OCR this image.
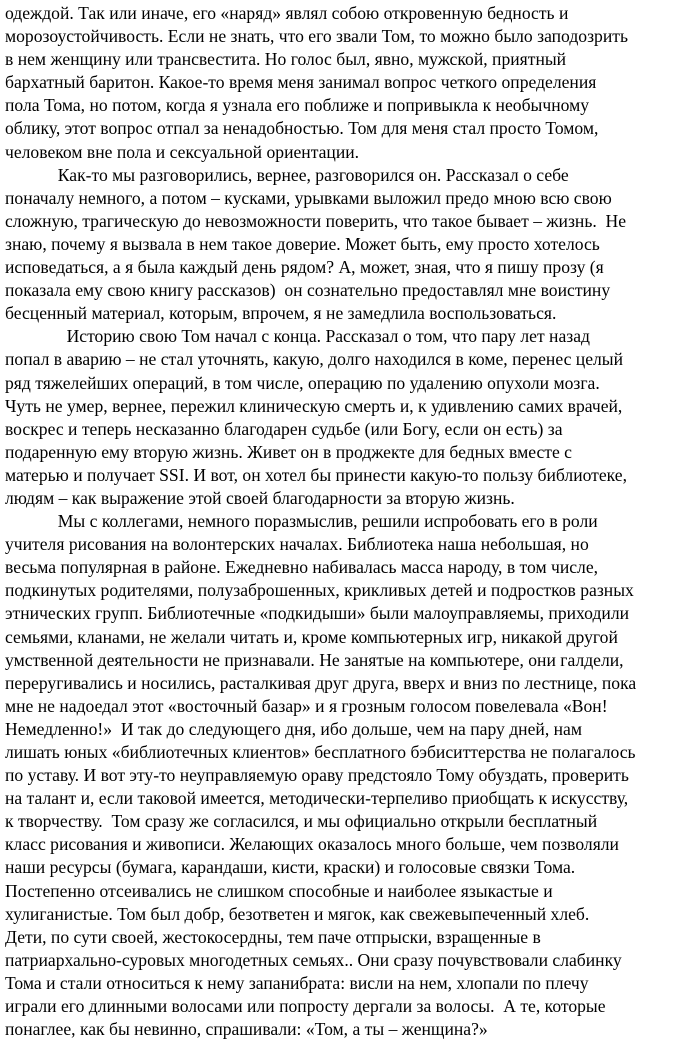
одеждой. Так или иначе, его «наряд» являл собою откровенную бедность и
морозоустойчивость. Если не знать, что его звали Том, то можно было заподозрить
в нем женщину или трансвестита. Но голос был, явно, мужской, приятный
бархатный баритон. Какое-то время меня занимал вопрос четкого определения
пола Тома, но потом, когда я узнала его поближе и попривыкла к необычному
облику, этот вопрос отпал за ненадобностью. Том для меня стал просто Томом,
человеком вне пола и сексуальной ориентации.
Как-то мы разговорились, вернее, разговорился он. Рассказал о себе
поначалу немного, а потом – кусками, урывками выложил предо мною всю свою
сложную, трагическую до невозможности поверить, что такое бывает – жизнь.  Не
знаю, почему я вызвала в нем такое доверие. Может быть, ему просто хотелось
исповедаться, а я была каждый день рядом? А, может, зная, что я пишу прозу (я
показала ему свою книгу рассказов)  он сознательно предоставлял мне воистину
бесценный материал, которым, впрочем, я не замедлила воспользоваться.
Историю свою Том начал с конца. Рассказал о том, что пару лет назад
попал в аварию – не стал уточнять, какую, долго находился в коме, перенес целый
ряд тяжелейших операций, в том числе, операцию по удалению опухоли мозга.
Чуть не умер, вернее, пережил клиническую смерть и, к удивлению самих врачей,
воскрес и теперь несказанно благодарен судьбе (или Богу, если он есть) за
подаренную ему вторую жизнь. Живет он в проджекте для бедных вместе с
матерью и получает SSI. И вот, он хотел бы принести какую-то пользу библиотеке,
людям – как выражение этой своей благодарности за вторую жизнь.
Мы с коллегами, немного поразмыслив, решили испробовать его в роли
учителя рисования на волонтерских началах. Библиотека наша небольшая, но
весьма популярная в районе. Ежедневно набивалась масса народу, в том числе,
подкинутых родителями, полузаброшенных, крикливых детей и подростков разных
этнических групп. Библиотечные «подкидыши» были малоуправляемы, приходили
семьями, кланами, не желали читать и, кроме компьютерных игр, никакой другой
умственной деятельности не признавали. Не занятые на компьютере, они галдели,
переругивались и носились, расталкивая друг друга, вверх и вниз по лестнице, пока
мне не надоедал этот «восточный базар» и я грозным голосом повелевала «Вон!
Немедленно!»  И так до следующего дня, ибо дольше, чем на пару дней, нам
лишать юных «библиотечных клиентов» бесплатного бэбиситтерства не полагалось
по уставу. И вот эту-то неуправляемую ораву предстояло Тому обуздать, проверить
на талант и, если таковой имеется, методически-терпеливо приобщать к искусству,
к творчеству.  Том сразу же согласился, и мы официально открыли бесплатный
класс рисования и живописи. Желающих оказалось много больше, чем позволяли
наши ресурсы (бумага, карандаши, кисти, краски) и голосовые связки Тома.
Постепенно отсеивались не слишком способные и наиболее языкастые и
хулиганистые. Том был добр, безответен и мягок, как свежевыпеченный хлеб.
Дети, по сути своей, жестокосердны, тем паче отпрыски, взращенные в
патриархально-суровых многодетных семьях.. Они сразу почувствовали слабинку
Тома и стали относиться к нему запанибрата: висли на нем, хлопали по плечу
играли его длинными волосами или попросту дергали за волосы.  А те, которые
понаглее, как бы невинно, спрашивали: «Том, а ты – женщина?»
